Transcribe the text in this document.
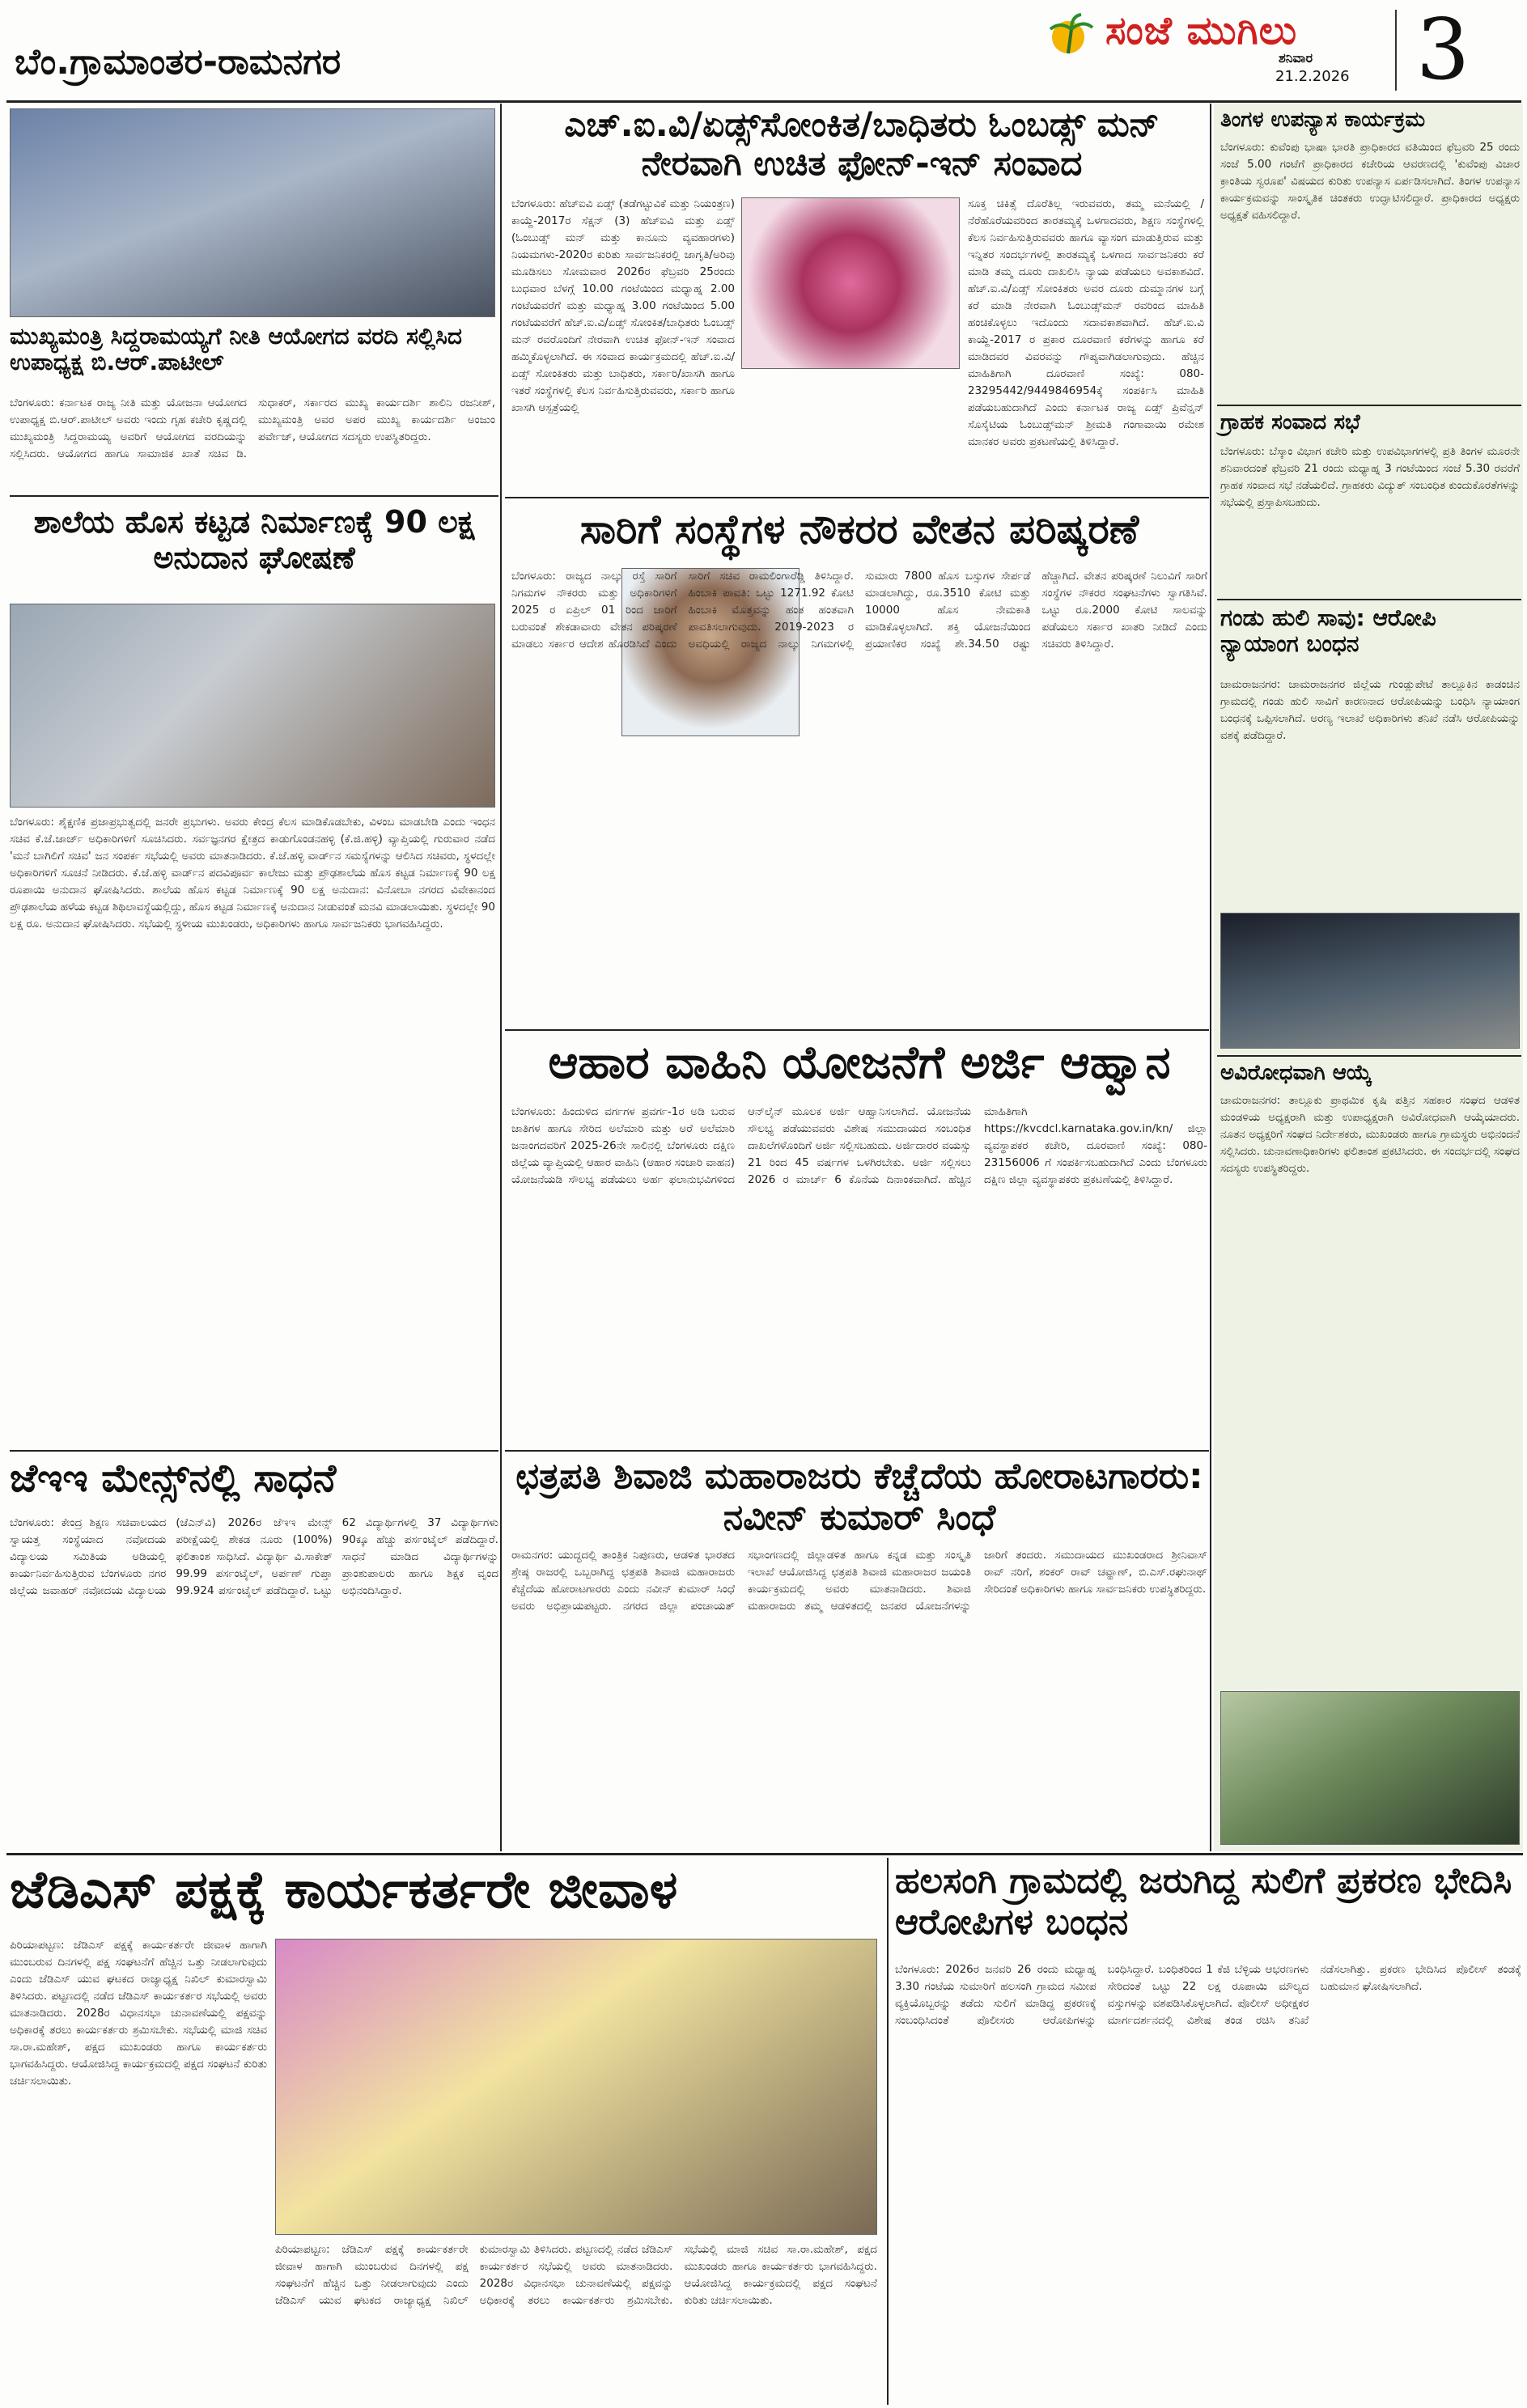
ಬೆಂ.ಗ್ರಾಮಾಂತರ-ರಾಮನಗರ
ಸಂಜೆ ಮುಗಿಲು
ಶನಿವಾರ
21.2.2026 3
ಮುಖ್ಯಮಂತ್ರಿ ಸಿದ್ದರಾಮಯ್ಯಗೆ ನೀತಿ ಆಯೋಗದ ವರದಿ ಸಲ್ಲಿಸಿದ ಉಪಾಧ್ಯಕ್ಷ ಬಿ.ಆರ್.ಪಾಟೀಲ್
ಬೆಂಗಳೂರು: ಕರ್ನಾಟಕ ರಾಜ್ಯ ನೀತಿ ಮತ್ತು ಯೋಜನಾ ಆಯೋಗದ ಉಪಾಧ್ಯಕ್ಷ ಬಿ.ಆರ್.ಪಾಟೀಲ್ ಅವರು ಇಂದು ಗೃಹ ಕಚೇರಿ ಕೃಷ್ಣದಲ್ಲಿ ಮುಖ್ಯಮಂತ್ರಿ ಸಿದ್ದರಾಮಯ್ಯ ಅವರಿಗೆ ಆಯೋಗದ ವರದಿಯನ್ನು ಸಲ್ಲಿಸಿದರು. ಆಯೋಗದ ಹಾಗೂ ಸಾಮಾಜಿಕ ಖಾತೆ ಸಚಿವ ಡಿ. ಸುಧಾಕರ್, ಸರ್ಕಾರದ ಮುಖ್ಯ ಕಾರ್ಯದರ್ಶಿ ಶಾಲಿನಿ ರಜನೀಶ್, ಮುಖ್ಯಮಂತ್ರಿ ಅವರ ಅಪರ ಮುಖ್ಯ ಕಾರ್ಯದರ್ಶಿ ಅಂಜುಂ ಪರ್ವೇಜ್, ಆಯೋಗದ ಸದಸ್ಯರು ಉಪಸ್ಥಿತರಿದ್ದರು.
ಎಚ್.ಐ.ವಿ/ಏಡ್ಸ್‌ಸೋಂಕಿತ/ಬಾಧಿತರು ಓಂಬಡ್ಸ್ ಮನ್ ನೇರವಾಗಿ ಉಚಿತ ಫೋನ್-ಇನ್ ಸಂವಾದ
ಬೆಂಗಳೂರು: ಹೆಚ್‌ಐವಿ ಏಡ್ಸ್ (ತಡೆಗಟ್ಟುವಿಕೆ ಮತ್ತು ನಿಯಂತ್ರಣ) ಕಾಯ್ದೆ-2017ರ ಸೆಕ್ಷನ್ (3) ಹೆಚ್‌ಐವಿ ಮತ್ತು ಏಡ್ಸ್ (ಓಂಬುಡ್ಸ್ ಮನ್ ಮತ್ತು ಕಾನೂನು ವ್ಯವಹಾರಗಳು) ನಿಯಮಗಳು-2020ರ ಕುರಿತು ಸಾರ್ವಜನಿಕರಲ್ಲಿ ಜಾಗೃತಿ/ಅರಿವು ಮೂಡಿಸಲು ಸೋಮವಾರ 2026ರ ಫೆಬ್ರವರಿ 25ರಂದು ಬುಧವಾರ ಬೆಳಗ್ಗೆ 10.00 ಗಂಟೆಯಿಂದ ಮಧ್ಯಾಹ್ನ 2.00 ಗಂಟೆಯವರೆಗೆ ಮತ್ತು ಮಧ್ಯಾಹ್ನ 3.00 ಗಂಟೆಯಿಂದ 5.00 ಗಂಟೆಯವರೆಗೆ ಹೆಚ್.ಐ.ವಿ/ಏಡ್ಸ್ ಸೋಂಕಿತ/ಬಾಧಿತರು ಓಂಬಡ್ಸ್ ಮನ್ ರವರೊಂದಿಗೆ ನೇರವಾಗಿ ಉಚಿತ ಫೋನ್-ಇನ್ ಸಂವಾದ ಹಮ್ಮಿಕೊಳ್ಳಲಾಗಿದೆ. ಈ ಸಂವಾದ ಕಾರ್ಯಕ್ರಮದಲ್ಲಿ ಹೆಚ್.ಐ.ವಿ/ಏಡ್ಸ್ ಸೋಂಕಿತರು ಮತ್ತು ಬಾಧಿತರು, ಸರ್ಕಾರಿ/ಖಾಸಗಿ ಹಾಗೂ ಇತರೆ ಸಂಸ್ಥೆಗಳಲ್ಲಿ ಕೆಲಸ ನಿರ್ವಹಿಸುತ್ತಿರುವವರು, ಸರ್ಕಾರಿ ಹಾಗೂ ಖಾಸಗಿ ಆಸ್ಪತ್ರೆಯಲ್ಲಿ
ಸೂಕ್ತ ಚಿಕಿತ್ಸೆ ದೊರೆತಿಲ್ಲ ಇರುವವರು, ತಮ್ಮ ಮನೆಯಲ್ಲಿ / ನೆರೆಹೊರೆಯವರಿಂದ ತಾರತಮ್ಯಕ್ಕೆ ಒಳಗಾದವರು, ಶಿಕ್ಷಣ ಸಂಸ್ಥೆಗಳಲ್ಲಿ ಕೆಲಸ ನಿರ್ವಹಿಸುತ್ತಿರುವವರು ಹಾಗೂ ವ್ಯಾಸಂಗ ಮಾಡುತ್ತಿರುವ ಮತ್ತು ಇನ್ನಿತರ ಸಂದರ್ಭಗಳಲ್ಲಿ ತಾರತಮ್ಯಕ್ಕೆ ಒಳಗಾದ ಸಾರ್ವಜನಿಕರು ಕರೆ ಮಾಡಿ ತಮ್ಮ ದೂರು ದಾಖಲಿಸಿ ನ್ಯಾಯ ಪಡೆಯಲು ಅವಕಾಶವಿದೆ. ಹೆಚ್.ಐ.ವಿ/ಏಡ್ಸ್ ಸೋಂಕಿತರು ಅವರ ದೂರು ದುಮ್ಮಾನಗಳ ಬಗ್ಗೆ ಕರೆ ಮಾಡಿ ನೇರವಾಗಿ ಓಂಬುಡ್ಸ್‌ಮನ್ ರವರಿಂದ ಮಾಹಿತಿ ಹಂಚಿಕೊಳ್ಳಲು ಇದೊಂದು ಸದಾವಕಾಶವಾಗಿದೆ. ಹೆಚ್.ಐ.ವಿ ಕಾಯ್ದೆ-2017 ರ ಪ್ರಕಾರ ದೂರವಾಣಿ ಕರೆಗಳನ್ನು ಹಾಗೂ ಕರೆ ಮಾಡಿದವರ ವಿವರವನ್ನು ಗೌಪ್ಯವಾಗಿಡಲಾಗುವುದು. ಹೆಚ್ಚಿನ ಮಾಹಿತಿಗಾಗಿ ದೂರವಾಣಿ ಸಂಖ್ಯೆ: 080-23295442/9449846954ಕ್ಕೆ ಸಂಪರ್ಕಿಸಿ ಮಾಹಿತಿ ಪಡೆಯಬಹುದಾಗಿದೆ ಎಂದು ಕರ್ನಾಟಕ ರಾಜ್ಯ ಏಡ್ಸ್ ಪ್ರಿವೆನ್ಷನ್ ಸೊಸೈಟಿಯ ಓಂಬುಡ್ಸ್‌ಮನ್ ಶ್ರೀಮತಿ ಗಂಗಾವಾಯಿ ರಮೇಶ ಮಾನಕರ ಅವರು ಪ್ರಕಟಣೆಯಲ್ಲಿ ತಿಳಿಸಿದ್ದಾರೆ.
ಶಾಲೆಯ ಹೊಸ ಕಟ್ಟಡ ನಿರ್ಮಾಣಕ್ಕೆ 90 ಲಕ್ಷ ಅನುದಾನ ಘೋಷಣೆ
ಬೆಂಗಳೂರು: ಶೈಕ್ಷಣಿಕ ಪ್ರಜಾಪ್ರಭುತ್ವದಲ್ಲಿ ಜನರೇ ಪ್ರಭುಗಳು. ಅವರು ಕೇಂದ್ರ ಕೆಲಸ ಮಾಡಿಕೊಡಬೇಕು, ವಿಳಂಬ ಮಾಡಬೇಡಿ ಎಂದು ಇಂಧನ ಸಚಿವ ಕೆ.ಜೆ.ಜಾರ್ಜ್ ಅಧಿಕಾರಿಗಳಿಗೆ ಸೂಚಿಸಿದರು. ಸರ್ವಜ್ಞನಗರ ಕ್ಷೇತ್ರದ ಕಾಡುಗೊಂಡನಹಳ್ಳಿ (ಕೆ.ಜಿ.ಹಳ್ಳಿ) ವ್ಯಾಪ್ತಿಯಲ್ಲಿ ಗುರುವಾರ ನಡೆದ 'ಮನೆ ಬಾಗಿಲಿಗೆ ಸಚಿವ' ಜನ ಸಂಪರ್ಕ ಸಭೆಯಲ್ಲಿ ಅವರು ಮಾತನಾಡಿದರು. ಕೆ.ಜೆ.ಹಳ್ಳಿ ವಾರ್ಡ್‌ನ ಸಮಸ್ಯೆಗಳನ್ನು ಆಲಿಸಿದ ಸಚಿವರು, ಸ್ಥಳದಲ್ಲೇ ಅಧಿಕಾರಿಗಳಿಗೆ ಸೂಚನೆ ನೀಡಿದರು. ಕೆ.ಜೆ.ಹಳ್ಳಿ ವಾರ್ಡ್‌ನ ಪದವಿಪೂರ್ವ ಕಾಲೇಜು ಮತ್ತು ಪ್ರೌಢಶಾಲೆಯ ಹೊಸ ಕಟ್ಟಡ ನಿರ್ಮಾಣಕ್ಕೆ 90 ಲಕ್ಷ ರೂಪಾಯಿ ಅನುದಾನ ಘೋಷಿಸಿದರು. ಶಾಲೆಯ ಹೊಸ ಕಟ್ಟಡ ನಿರ್ಮಾಣಕ್ಕೆ 90 ಲಕ್ಷ ಅನುದಾನ: ವಿನೋಬಾ ನಗರದ ವಿವೇಕಾನಂದ ಪ್ರೌಢಶಾಲೆಯ ಹಳೆಯ ಕಟ್ಟಡ ಶಿಥಿಲಾವಸ್ಥೆಯಲ್ಲಿದ್ದು, ಹೊಸ ಕಟ್ಟಡ ನಿರ್ಮಾಣಕ್ಕೆ ಅನುದಾನ ನೀಡುವಂತೆ ಮನವಿ ಮಾಡಲಾಯಿತು. ಸ್ಥಳದಲ್ಲೇ 90 ಲಕ್ಷ ರೂ. ಅನುದಾನ ಘೋಷಿಸಿದರು. ಸಭೆಯಲ್ಲಿ ಸ್ಥಳೀಯ ಮುಖಂಡರು, ಅಧಿಕಾರಿಗಳು ಹಾಗೂ ಸಾರ್ವಜನಿಕರು ಭಾಗವಹಿಸಿದ್ದರು.
ಸಾರಿಗೆ ಸಂಸ್ಥೆಗಳ ನೌಕರರ ವೇತನ ಪರಿಷ್ಕರಣೆ
ಬೆಂಗಳೂರು: ರಾಜ್ಯದ ನಾಲ್ಕು ರಸ್ತೆ ಸಾರಿಗೆ ನಿಗಮಗಳ ನೌಕರರು ಮತ್ತು ಅಧಿಕಾರಿಗಳಿಗೆ 2025 ರ ಏಪ್ರಿಲ್ 01 ರಿಂದ ಜಾರಿಗೆ ಬರುವಂತೆ ಶೇಕಡಾವಾರು ವೇತನ ಪರಿಷ್ಕರಣೆ ಮಾಡಲು ಸರ್ಕಾರ ಆದೇಶ ಹೊರಡಿಸಿದೆ ಎಂದು ಸಾರಿಗೆ ಸಚಿವ ರಾಮಲಿಂಗಾರೆಡ್ಡಿ ತಿಳಿಸಿದ್ದಾರೆ. ಹಿಂಬಾಕಿ ಪಾವತಿ: ಒಟ್ಟು 1271.92 ಕೋಟಿ ಹಿಂಬಾಕಿ ಮೊತ್ತವನ್ನು ಹಂತ ಹಂತವಾಗಿ ಪಾವತಿಸಲಾಗುವುದು. 2019-2023 ರ ಅವಧಿಯಲ್ಲಿ ರಾಜ್ಯದ ನಾಲ್ಕು ನಿಗಮಗಳಲ್ಲಿ ಸುಮಾರು 7800 ಹೊಸ ಬಸ್ಸುಗಳ ಸೇರ್ಪಡೆ ಮಾಡಲಾಗಿದ್ದು, ರೂ.3510 ಕೋಟಿ ಮತ್ತು 10000 ಹೊಸ ನೇಮಕಾತಿ ಮಾಡಿಕೊಳ್ಳಲಾಗಿದೆ. ಶಕ್ತಿ ಯೋಜನೆಯಿಂದ ಪ್ರಯಾಣಿಕರ ಸಂಖ್ಯೆ ಶೇ.34.50 ರಷ್ಟು ಹೆಚ್ಚಾಗಿದೆ. ವೇತನ ಪರಿಷ್ಕರಣೆ ನಿಲುವಿಗೆ ಸಾರಿಗೆ ಸಂಸ್ಥೆಗಳ ನೌಕರರ ಸಂಘಟನೆಗಳು ಸ್ವಾಗತಿಸಿವೆ. ಒಟ್ಟು ರೂ.2000 ಕೋಟಿ ಸಾಲವನ್ನು ಪಡೆಯಲು ಸರ್ಕಾರ ಖಾತರಿ ನೀಡಿದೆ ಎಂದು ಸಚಿವರು ತಿಳಿಸಿದ್ದಾರೆ.
ಆಹಾರ ವಾಹಿನಿ ಯೋಜನೆಗೆ ಅರ್ಜಿ ಆಹ್ವಾನ
ಬೆಂಗಳೂರು: ಹಿಂದುಳಿದ ವರ್ಗಗಳ ಪ್ರವರ್ಗ-1ರ ಅಡಿ ಬರುವ ಜಾತಿಗಳ ಹಾಗೂ ಸೇರಿದ ಅಲೆಮಾರಿ ಮತ್ತು ಅರೆ ಅಲೆಮಾರಿ ಜನಾಂಗದವರಿಗೆ 2025-26ನೇ ಸಾಲಿನಲ್ಲಿ ಬೆಂಗಳೂರು ದಕ್ಷಿಣ ಜಿಲ್ಲೆಯ ವ್ಯಾಪ್ತಿಯಲ್ಲಿ ಆಹಾರ ವಾಹಿನಿ (ಆಹಾರ ಸಂಚಾರಿ ವಾಹನ) ಯೋಜನೆಯಡಿ ಸೌಲಭ್ಯ ಪಡೆಯಲು ಅರ್ಹ ಫಲಾನುಭವಿಗಳಿಂದ ಆನ್‌ಲೈನ್ ಮೂಲಕ ಅರ್ಜಿ ಆಹ್ವಾನಿಸಲಾಗಿದೆ. ಯೋಜನೆಯ ಸೌಲಭ್ಯ ಪಡೆಯುವವರು ವಿಶೇಷ ಸಮುದಾಯದ ಸಂಬಂಧಿತ ದಾಖಲೆಗಳೊಂದಿಗೆ ಅರ್ಜಿ ಸಲ್ಲಿಸಬಹುದು. ಅರ್ಜಿದಾರರ ವಯಸ್ಸು 21 ರಿಂದ 45 ವರ್ಷಗಳ ಒಳಗಿರಬೇಕು. ಅರ್ಜಿ ಸಲ್ಲಿಸಲು 2026 ರ ಮಾರ್ಚ್ 6 ಕೊನೆಯ ದಿನಾಂಕವಾಗಿದೆ. ಹೆಚ್ಚಿನ ಮಾಹಿತಿಗಾಗಿ https://kvcdcl.karnataka.gov.in/kn/ ಜಿಲ್ಲಾ ವ್ಯವಸ್ಥಾಪಕರ ಕಚೇರಿ, ದೂರವಾಣಿ ಸಂಖ್ಯೆ: 080-23156006 ಗೆ ಸಂಪರ್ಕಿಸಬಹುದಾಗಿದೆ ಎಂದು ಬೆಂಗಳೂರು ದಕ್ಷಿಣ ಜಿಲ್ಲಾ ವ್ಯವಸ್ಥಾಪಕರು ಪ್ರಕಟಣೆಯಲ್ಲಿ ತಿಳಿಸಿದ್ದಾರೆ.
ಜೆಇಇ ಮೇನ್ಸ್‌ನಲ್ಲಿ ಸಾಧನೆ
ಬೆಂಗಳೂರು: ಕೇಂದ್ರ ಶಿಕ್ಷಣ ಸಚಿವಾಲಯದ ಸ್ವಾಯತ್ತ ಸಂಸ್ಥೆಯಾದ ನವೋದಯ ವಿದ್ಯಾಲಯ ಸಮಿತಿಯ ಅಡಿಯಲ್ಲಿ ಕಾರ್ಯನಿರ್ವಹಿಸುತ್ತಿರುವ ಬೆಂಗಳೂರು ನಗರ ಜಿಲ್ಲೆಯ ಜವಾಹರ್ ನವೋದಯ ವಿದ್ಯಾಲಯ (ಜೆಎನ್‌ವಿ) 2026ರ ಜೆಇಇ ಮೇನ್ಸ್ ಪರೀಕ್ಷೆಯಲ್ಲಿ ಶೇಕಡ ನೂರು (100%) ಫಲಿತಾಂಶ ಸಾಧಿಸಿದೆ. ವಿದ್ಯಾರ್ಥಿ ವಿ.ಸಾಕೇತ್ 99.99 ಪರ್ಸಂಟೈಲ್, ಅರ್ಪಣ್ ಗುಪ್ತಾ 99.924 ಪರ್ಸಂಟೈಲ್ ಪಡೆದಿದ್ದಾರೆ. ಒಟ್ಟು 62 ವಿದ್ಯಾರ್ಥಿಗಳಲ್ಲಿ 37 ವಿದ್ಯಾರ್ಥಿಗಳು 90ಕ್ಕೂ ಹೆಚ್ಚು ಪರ್ಸಂಟೈಲ್ ಪಡೆದಿದ್ದಾರೆ. ಸಾಧನೆ ಮಾಡಿದ ವಿದ್ಯಾರ್ಥಿಗಳನ್ನು ಪ್ರಾಂಶುಪಾಲರು ಹಾಗೂ ಶಿಕ್ಷಕ ವೃಂದ ಅಭಿನಂದಿಸಿದ್ದಾರೆ.
ಛತ್ರಪತಿ ಶಿವಾಜಿ ಮಹಾರಾಜರು ಕೆಚ್ಚೆದೆಯ ಹೋರಾಟಗಾರರು: ನವೀನ್ ಕುಮಾರ್ ಸಿಂಧೆ
ರಾಮನಗರ: ಯುದ್ಧದಲ್ಲಿ ತಾಂತ್ರಿಕ ನಿಪುಣರು, ಆಡಳಿತ ಭಾರತದ ಶ್ರೇಷ್ಠ ರಾಜರಲ್ಲಿ ಒಬ್ಬರಾಗಿದ್ದ ಛತ್ರಪತಿ ಶಿವಾಜಿ ಮಹಾರಾಜರು ಕೆಚ್ಚೆದೆಯ ಹೋರಾಟಗಾರರು ಎಂದು ನವೀನ್ ಕುಮಾರ್ ಸಿಂಧೆ ಅವರು ಅಭಿಪ್ರಾಯಪಟ್ಟರು. ನಗರದ ಜಿಲ್ಲಾ ಪಂಚಾಯತ್ ಸಭಾಂಗಣದಲ್ಲಿ ಜಿಲ್ಲಾಡಳಿತ ಹಾಗೂ ಕನ್ನಡ ಮತ್ತು ಸಂಸ್ಕೃತಿ ಇಲಾಖೆ ಆಯೋಜಿಸಿದ್ದ ಛತ್ರಪತಿ ಶಿವಾಜಿ ಮಹಾರಾಜರ ಜಯಂತಿ ಕಾರ್ಯಕ್ರಮದಲ್ಲಿ ಅವರು ಮಾತನಾಡಿದರು. ಶಿವಾಜಿ ಮಹಾರಾಜರು ತಮ್ಮ ಆಡಳಿತದಲ್ಲಿ ಜನಪರ ಯೋಜನೆಗಳನ್ನು ಜಾರಿಗೆ ತಂದರು. ಸಮುದಾಯದ ಮುಖಂಡರಾದ ಶ್ರೀನಿವಾಸ್ ರಾವ್ ನರಿಗೆ, ಶಂಕರ್ ರಾವ್ ಚವ್ಹಾಣ್, ಬಿ.ಎಸ್.ರಘುನಾಥ್ ಸೇರಿದಂತೆ ಅಧಿಕಾರಿಗಳು ಹಾಗೂ ಸಾರ್ವಜನಿಕರು ಉಪಸ್ಥಿತರಿದ್ದರು.
ತಿಂಗಳ ಉಪನ್ಯಾಸ ಕಾರ್ಯಕ್ರಮ
ಬೆಂಗಳೂರು: ಕುವೆಂಪು ಭಾಷಾ ಭಾರತಿ ಪ್ರಾಧಿಕಾರದ ವತಿಯಿಂದ ಫೆಬ್ರವರಿ 25 ರಂದು ಸಂಜೆ 5.00 ಗಂಟೆಗೆ ಪ್ರಾಧಿಕಾರದ ಕಚೇರಿಯ ಆವರಣದಲ್ಲಿ 'ಕುವೆಂಪು ವಿಚಾರ ಕ್ರಾಂತಿಯ ಸ್ವರೂಪ' ವಿಷಯದ ಕುರಿತು ಉಪನ್ಯಾಸ ಏರ್ಪಡಿಸಲಾಗಿದೆ. ತಿಂಗಳ ಉಪನ್ಯಾಸ ಕಾರ್ಯಕ್ರಮವನ್ನು ಸಾಂಸ್ಕೃತಿಕ ಚಿಂತಕರು ಉದ್ಘಾಟಿಸಲಿದ್ದಾರೆ. ಪ್ರಾಧಿಕಾರದ ಅಧ್ಯಕ್ಷರು ಅಧ್ಯಕ್ಷತೆ ವಹಿಸಲಿದ್ದಾರೆ.
ಗ್ರಾಹಕ ಸಂವಾದ ಸಭೆ
ಬೆಂಗಳೂರು: ಬೆಸ್ಕಾಂ ವಿಭಾಗ ಕಚೇರಿ ಮತ್ತು ಉಪವಿಭಾಗಗಳಲ್ಲಿ ಪ್ರತಿ ತಿಂಗಳ ಮೂರನೇ ಶನಿವಾರದಂತೆ ಫೆಬ್ರವರಿ 21 ರಂದು ಮಧ್ಯಾಹ್ನ 3 ಗಂಟೆಯಿಂದ ಸಂಜೆ 5.30 ರವರೆಗೆ ಗ್ರಾಹಕ ಸಂವಾದ ಸಭೆ ನಡೆಯಲಿದೆ. ಗ್ರಾಹಕರು ವಿದ್ಯುತ್ ಸಂಬಂಧಿತ ಕುಂದುಕೊರತೆಗಳನ್ನು ಸಭೆಯಲ್ಲಿ ಪ್ರಸ್ತಾಪಿಸಬಹುದು.
ಗಂಡು ಹುಲಿ ಸಾವು: ಆರೋಪಿ ನ್ಯಾಯಾಂಗ ಬಂಧನ
ಚಾಮರಾಜನಗರ: ಚಾಮರಾಜನಗರ ಜಿಲ್ಲೆಯ ಗುಂಡ್ಲುಪೇಟೆ ತಾಲ್ಲೂಕಿನ ಕಾಡಂಚಿನ ಗ್ರಾಮದಲ್ಲಿ ಗಂಡು ಹುಲಿ ಸಾವಿಗೆ ಕಾರಣನಾದ ಆರೋಪಿಯನ್ನು ಬಂಧಿಸಿ ನ್ಯಾಯಾಂಗ ಬಂಧನಕ್ಕೆ ಒಪ್ಪಿಸಲಾಗಿದೆ. ಅರಣ್ಯ ಇಲಾಖೆ ಅಧಿಕಾರಿಗಳು ತನಿಖೆ ನಡೆಸಿ ಆರೋಪಿಯನ್ನು ವಶಕ್ಕೆ ಪಡೆದಿದ್ದಾರೆ.
ಅವಿರೋಧವಾಗಿ ಆಯ್ಕೆ
ಚಾಮರಾಜನಗರ: ತಾಲ್ಲೂಕು ಪ್ರಾಥಮಿಕ ಕೃಷಿ ಪತ್ತಿನ ಸಹಕಾರ ಸಂಘದ ಆಡಳಿತ ಮಂಡಳಿಯ ಅಧ್ಯಕ್ಷರಾಗಿ ಮತ್ತು ಉಪಾಧ್ಯಕ್ಷರಾಗಿ ಅವಿರೋಧವಾಗಿ ಆಯ್ಕೆಯಾದರು. ನೂತನ ಅಧ್ಯಕ್ಷರಿಗೆ ಸಂಘದ ನಿರ್ದೇಶಕರು, ಮುಖಂಡರು ಹಾಗೂ ಗ್ರಾಮಸ್ಥರು ಅಭಿನಂದನೆ ಸಲ್ಲಿಸಿದರು. ಚುನಾವಣಾಧಿಕಾರಿಗಳು ಫಲಿತಾಂಶ ಪ್ರಕಟಿಸಿದರು. ಈ ಸಂದರ್ಭದಲ್ಲಿ ಸಂಘದ ಸದಸ್ಯರು ಉಪಸ್ಥಿತರಿದ್ದರು.
ಜೆಡಿಎಸ್ ಪಕ್ಷಕ್ಕೆ ಕಾರ್ಯಕರ್ತರೇ ಜೀವಾಳ
ಪಿರಿಯಾಪಟ್ಟಣ: ಜೆಡಿಎಸ್ ಪಕ್ಷಕ್ಕೆ ಕಾರ್ಯಕರ್ತರೇ ಜೀವಾಳ ಹಾಗಾಗಿ ಮುಂಬರುವ ದಿನಗಳಲ್ಲಿ ಪಕ್ಷ ಸಂಘಟನೆಗೆ ಹೆಚ್ಚಿನ ಒತ್ತು ನೀಡಲಾಗುವುದು ಎಂದು ಜೆಡಿಎಸ್ ಯುವ ಘಟಕದ ರಾಜ್ಯಾಧ್ಯಕ್ಷ ನಿಖಿಲ್ ಕುಮಾರಸ್ವಾಮಿ ತಿಳಿಸಿದರು. ಪಟ್ಟಣದಲ್ಲಿ ನಡೆದ ಜೆಡಿಎಸ್ ಕಾರ್ಯಕರ್ತರ ಸಭೆಯಲ್ಲಿ ಅವರು ಮಾತನಾಡಿದರು. 2028ರ ವಿಧಾನಸಭಾ ಚುನಾವಣೆಯಲ್ಲಿ ಪಕ್ಷವನ್ನು ಅಧಿಕಾರಕ್ಕೆ ತರಲು ಕಾರ್ಯಕರ್ತರು ಶ್ರಮಿಸಬೇಕು. ಸಭೆಯಲ್ಲಿ ಮಾಜಿ ಸಚಿವ ಸಾ.ರಾ.ಮಹೇಶ್, ಪಕ್ಷದ ಮುಖಂಡರು ಹಾಗೂ ಕಾರ್ಯಕರ್ತರು ಭಾಗವಹಿಸಿದ್ದರು. ಆಯೋಜಿಸಿದ್ದ ಕಾರ್ಯಕ್ರಮದಲ್ಲಿ ಪಕ್ಷದ ಸಂಘಟನೆ ಕುರಿತು ಚರ್ಚಿಸಲಾಯಿತು.
ಪಿರಿಯಾಪಟ್ಟಣ: ಜೆಡಿಎಸ್ ಪಕ್ಷಕ್ಕೆ ಕಾರ್ಯಕರ್ತರೇ ಜೀವಾಳ ಹಾಗಾಗಿ ಮುಂಬರುವ ದಿನಗಳಲ್ಲಿ ಪಕ್ಷ ಸಂಘಟನೆಗೆ ಹೆಚ್ಚಿನ ಒತ್ತು ನೀಡಲಾಗುವುದು ಎಂದು ಜೆಡಿಎಸ್ ಯುವ ಘಟಕದ ರಾಜ್ಯಾಧ್ಯಕ್ಷ ನಿಖಿಲ್ ಕುಮಾರಸ್ವಾಮಿ ತಿಳಿಸಿದರು. ಪಟ್ಟಣದಲ್ಲಿ ನಡೆದ ಜೆಡಿಎಸ್ ಕಾರ್ಯಕರ್ತರ ಸಭೆಯಲ್ಲಿ ಅವರು ಮಾತನಾಡಿದರು. 2028ರ ವಿಧಾನಸಭಾ ಚುನಾವಣೆಯಲ್ಲಿ ಪಕ್ಷವನ್ನು ಅಧಿಕಾರಕ್ಕೆ ತರಲು ಕಾರ್ಯಕರ್ತರು ಶ್ರಮಿಸಬೇಕು. ಸಭೆಯಲ್ಲಿ ಮಾಜಿ ಸಚಿವ ಸಾ.ರಾ.ಮಹೇಶ್, ಪಕ್ಷದ ಮುಖಂಡರು ಹಾಗೂ ಕಾರ್ಯಕರ್ತರು ಭಾಗವಹಿಸಿದ್ದರು. ಆಯೋಜಿಸಿದ್ದ ಕಾರ್ಯಕ್ರಮದಲ್ಲಿ ಪಕ್ಷದ ಸಂಘಟನೆ ಕುರಿತು ಚರ್ಚಿಸಲಾಯಿತು.
ಹಲಸಂಗಿ ಗ್ರಾಮದಲ್ಲಿ ಜರುಗಿದ್ದ ಸುಲಿಗೆ ಪ್ರಕರಣ ಭೇದಿಸಿ ಆರೋಪಿಗಳ ಬಂಧನ
ಬೆಂಗಳೂರು: 2026ರ ಜನವರಿ 26 ರಂದು ಮಧ್ಯಾಹ್ನ 3.30 ಗಂಟೆಯ ಸುಮಾರಿಗೆ ಹಲಸಂಗಿ ಗ್ರಾಮದ ಸಮೀಪ ವ್ಯಕ್ತಿಯೊಬ್ಬರನ್ನು ತಡೆದು ಸುಲಿಗೆ ಮಾಡಿದ್ದ ಪ್ರಕರಣಕ್ಕೆ ಸಂಬಂಧಿಸಿದಂತೆ ಪೊಲೀಸರು ಆರೋಪಿಗಳನ್ನು ಬಂಧಿಸಿದ್ದಾರೆ. ಬಂಧಿತರಿಂದ 1 ಕೆಜಿ ಬೆಳ್ಳಿಯ ಆಭರಣಗಳು ಸೇರಿದಂತೆ ಒಟ್ಟು 22 ಲಕ್ಷ ರೂಪಾಯಿ ಮೌಲ್ಯದ ವಸ್ತುಗಳನ್ನು ವಶಪಡಿಸಿಕೊಳ್ಳಲಾಗಿದೆ. ಪೊಲೀಸ್ ಅಧೀಕ್ಷಕರ ಮಾರ್ಗದರ್ಶನದಲ್ಲಿ ವಿಶೇಷ ತಂಡ ರಚಿಸಿ ತನಿಖೆ ನಡೆಸಲಾಗಿತ್ತು. ಪ್ರಕರಣ ಭೇದಿಸಿದ ಪೊಲೀಸ್ ತಂಡಕ್ಕೆ ಬಹುಮಾನ ಘೋಷಿಸಲಾಗಿದೆ.
